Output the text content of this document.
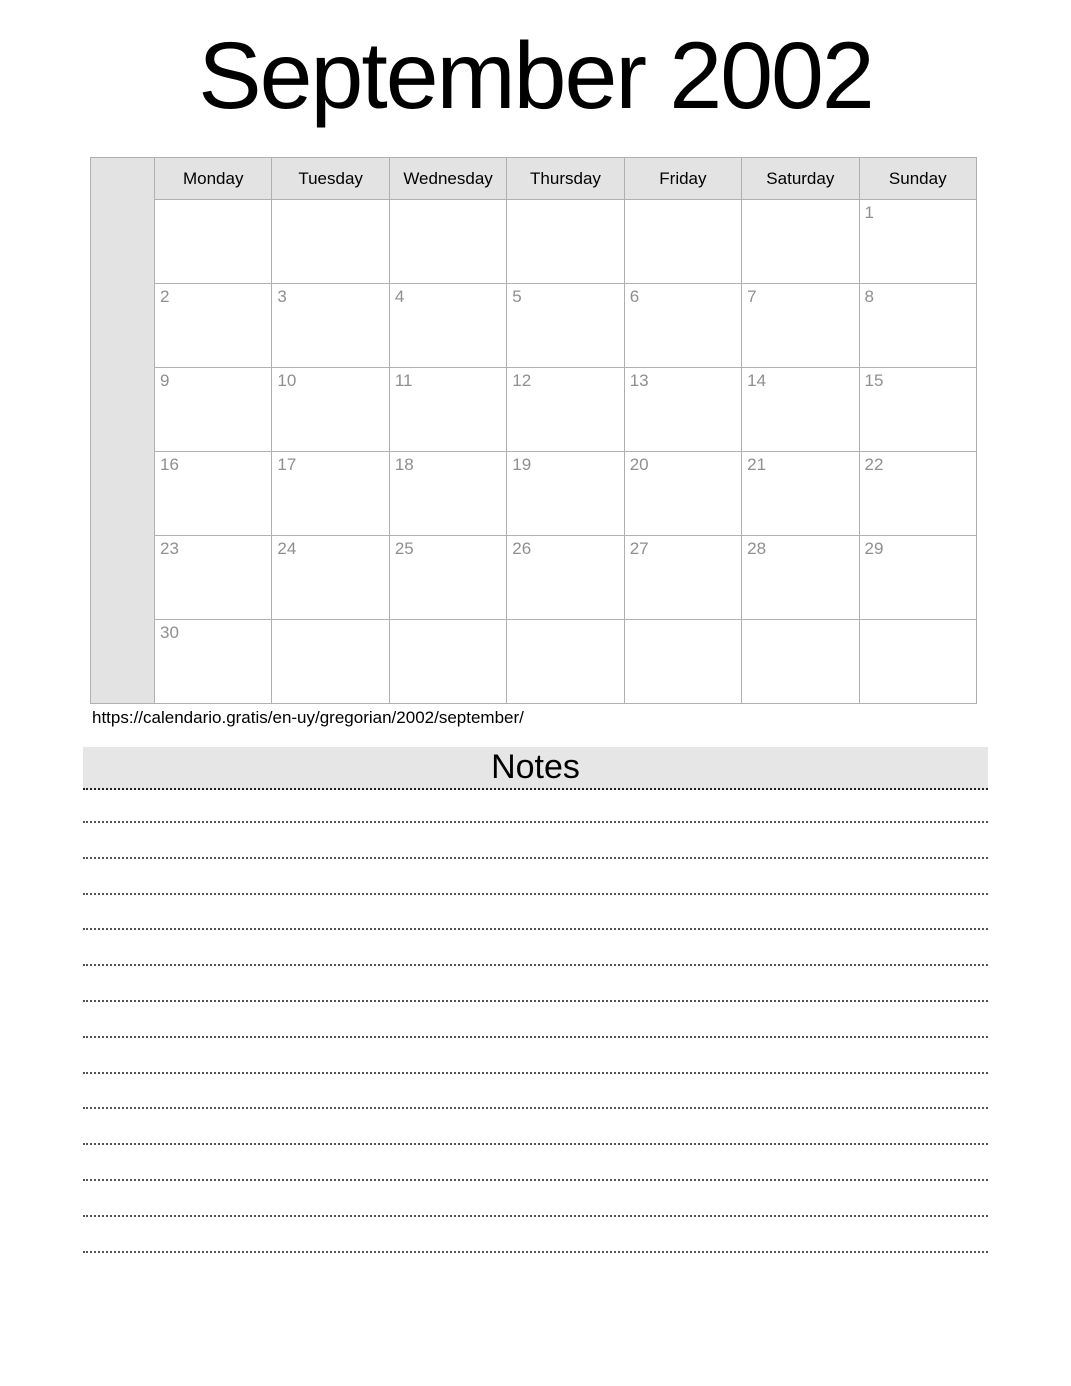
September 2002
	Monday	Tuesday	Wednesday	Thursday	Friday	Saturday	Sunday
							1
	2	3	4	5	6	7	8
	9	10	11	12	13	14	15
	16	17	18	19	20	21	22
	23	24	25	26	27	28	29
	30						
https://calendario.gratis/en-uy/gregorian/2002/september/
Notes
